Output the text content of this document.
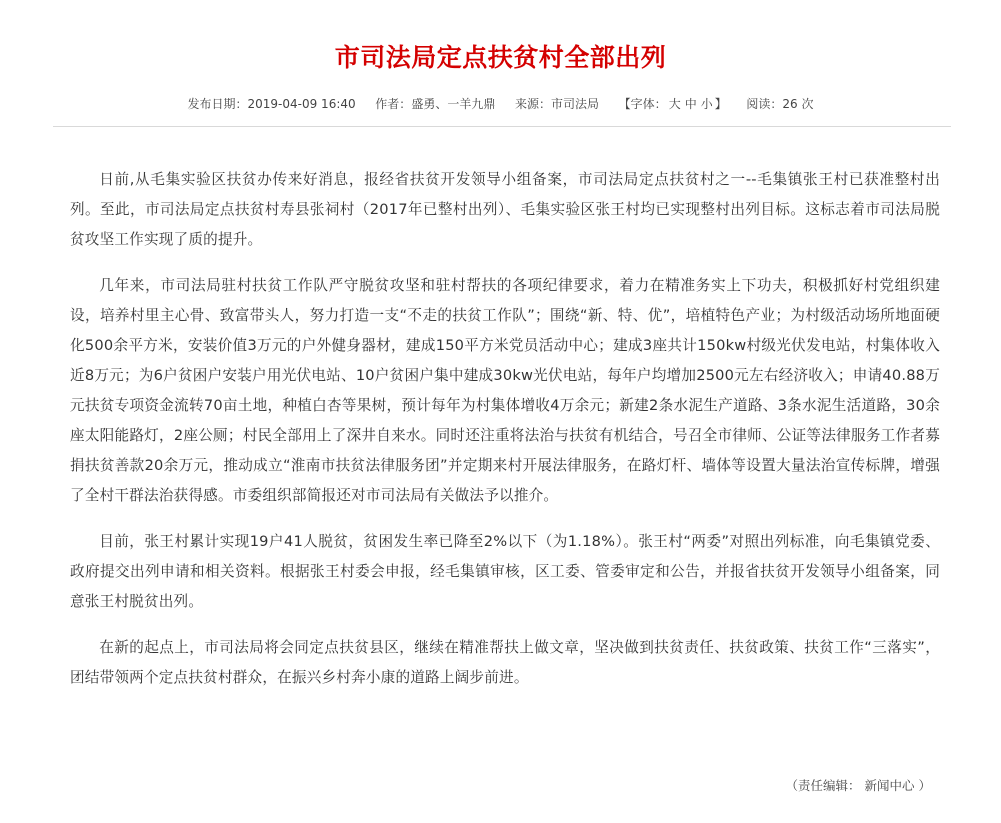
市司法局定点扶贫村全部出列
发布日期：2019-04-09 16:40 作者：盛勇、一羊九鼎 来源：市司法局 【字体： 大 中 小 】 阅读：26 次

日前,从毛集实验区扶贫办传来好消息，报经省扶贫开发领导小组备案，市司法局定点扶贫村之一--毛集镇张王村已获准整村出列。至此，市司法局定点扶贫村寿县张祠村（2017年已整村出列）、毛集实验区张王村均已实现整村出列目标。这标志着市司法局脱贫攻坚工作实现了质的提升。

几年来，市司法局驻村扶贫工作队严守脱贫攻坚和驻村帮扶的各项纪律要求，着力在精准务实上下功夫，积极抓好村党组织建设，培养村里主心骨、致富带头人，努力打造一支“不走的扶贫工作队”；围绕“新、特、优”，培植特色产业；为村级活动场所地面硬化500余平方米，安装价值3万元的户外健身器材，建成150平方米党员活动中心；建成3座共计150kw村级光伏发电站，村集体收入近8万元；为6户贫困户安装户用光伏电站、10户贫困户集中建成30kw光伏电站，每年户均增加2500元左右经济收入；申请40.88万元扶贫专项资金流转70亩土地，种植白杏等果树，预计每年为村集体增收4万余元；新建2条水泥生产道路、3条水泥生活道路，30余座太阳能路灯，2座公厕；村民全部用上了深井自来水。同时还注重将法治与扶贫有机结合，号召全市律师、公证等法律服务工作者募捐扶贫善款20余万元，推动成立“淮南市扶贫法律服务团”并定期来村开展法律服务，在路灯杆、墙体等设置大量法治宣传标牌，增强了全村干群法治获得感。市委组织部简报还对市司法局有关做法予以推介。

目前，张王村累计实现19户41人脱贫，贫困发生率已降至2%以下（为1.18%）。张王村“两委”对照出列标准，向毛集镇党委、政府提交出列申请和相关资料。根据张王村委会申报，经毛集镇审核，区工委、管委审定和公告，并报省扶贫开发领导小组备案，同意张王村脱贫出列。

在新的起点上，市司法局将会同定点扶贫县区，继续在精准帮扶上做文章，坚决做到扶贫责任、扶贫政策、扶贫工作“三落实”，团结带领两个定点扶贫村群众，在振兴乡村奔小康的道路上阔步前进。

（责任编辑： 新闻中心 ）
